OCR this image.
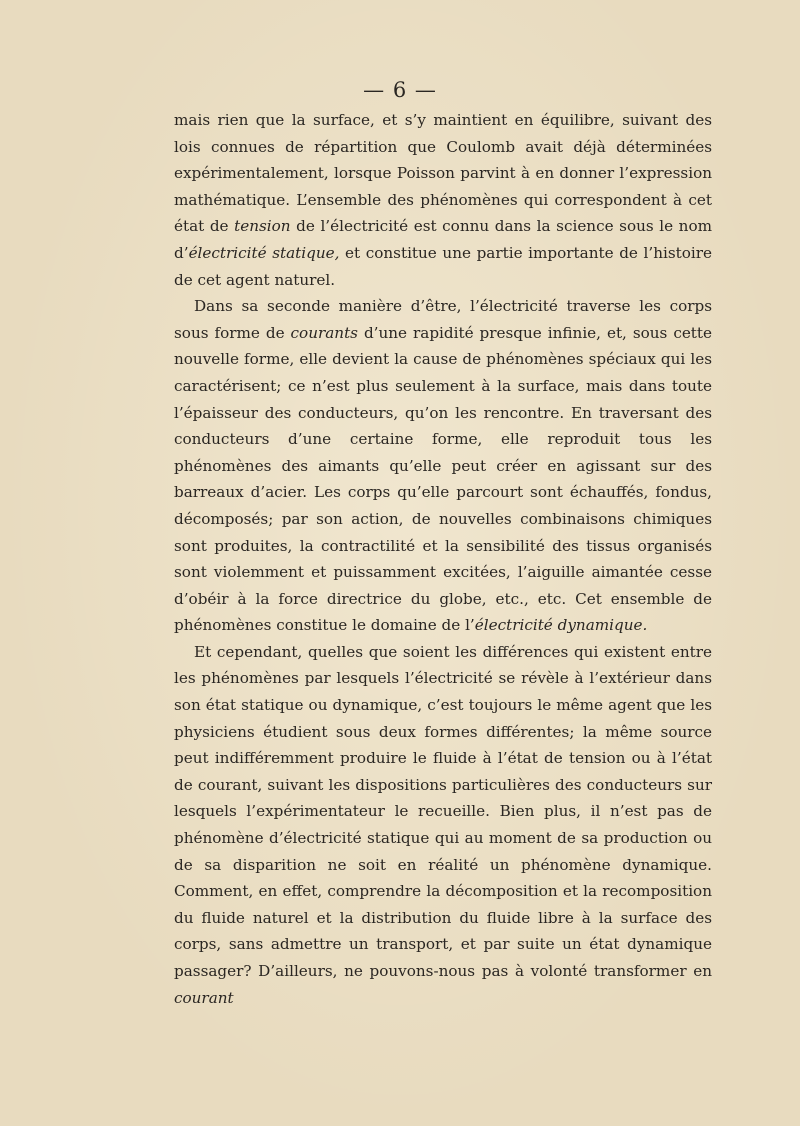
— 6 —

mais rien que la surface, et s’y maintient en équilibre, suivant des lois connues de répartition que Coulomb avait déjà déterminées expérimentalement, lorsque Poisson parvint à en donner l’expression mathématique. L’ensemble des phénomènes qui correspondent à cet état de tension de l’électricité est connu dans la science sous le nom d’électricité statique, et constitue une partie importante de l’histoire de cet agent naturel.

Dans sa seconde manière d’être, l’électricité traverse les corps sous forme de courants d’une rapidité presque infinie, et, sous cette nouvelle forme, elle devient la cause de phénomènes spéciaux qui les caractérisent; ce n’est plus seulement à la surface, mais dans toute l’épaisseur des conducteurs, qu’on les rencontre. En traversant des conducteurs d’une certaine forme, elle reproduit tous les phénomènes des aimants qu’elle peut créer en agissant sur des barreaux d’acier. Les corps qu’elle parcourt sont échauffés, fondus, décomposés; par son action, de nouvelles combinaisons chimiques sont produites, la contractilité et la sensibilité des tissus organisés sont violemment et puissamment excitées, l’aiguille aimantée cesse d’obéir à la force directrice du globe, etc., etc. Cet ensemble de phénomènes constitue le domaine de l’électricité dynamique.

Et cependant, quelles que soient les différences qui existent entre les phénomènes par lesquels l’électricité se révèle à l’extérieur dans son état statique ou dynamique, c’est toujours le même agent que les physiciens étudient sous deux formes différentes; la même source peut indifféremment produire le fluide à l’état de tension ou à l’état de courant, suivant les dispositions particulières des conducteurs sur lesquels l’expérimentateur le recueille. Bien plus, il n’est pas de phénomène d’électricité statique qui au moment de sa production ou de sa disparition ne soit en réalité un phénomène dynamique. Comment, en effet, comprendre la décomposition et la recomposition du fluide naturel et la distribution du fluide libre à la surface des corps, sans admettre un transport, et par suite un état dynamique passager? D’ailleurs, ne pouvons-nous pas à volonté transformer en courant
